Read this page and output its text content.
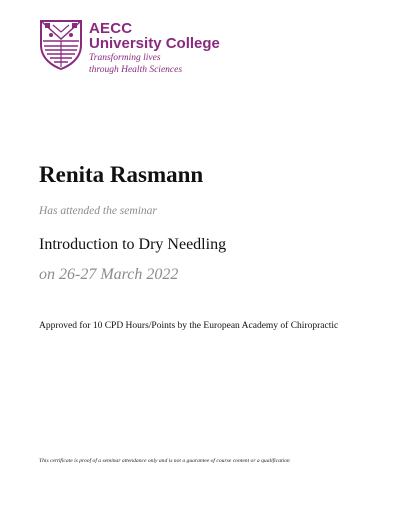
AECC
University College
Transforming lives
through Health Sciences
Renita Rasmann
Has attended the seminar
Introduction to Dry Needling
on 26-27 March 2022
Approved for 10 CPD Hours/Points by the European Academy of Chiropractic
This certificate is proof of a seminar attendance only and is not a guarantee of course content or a qualification
